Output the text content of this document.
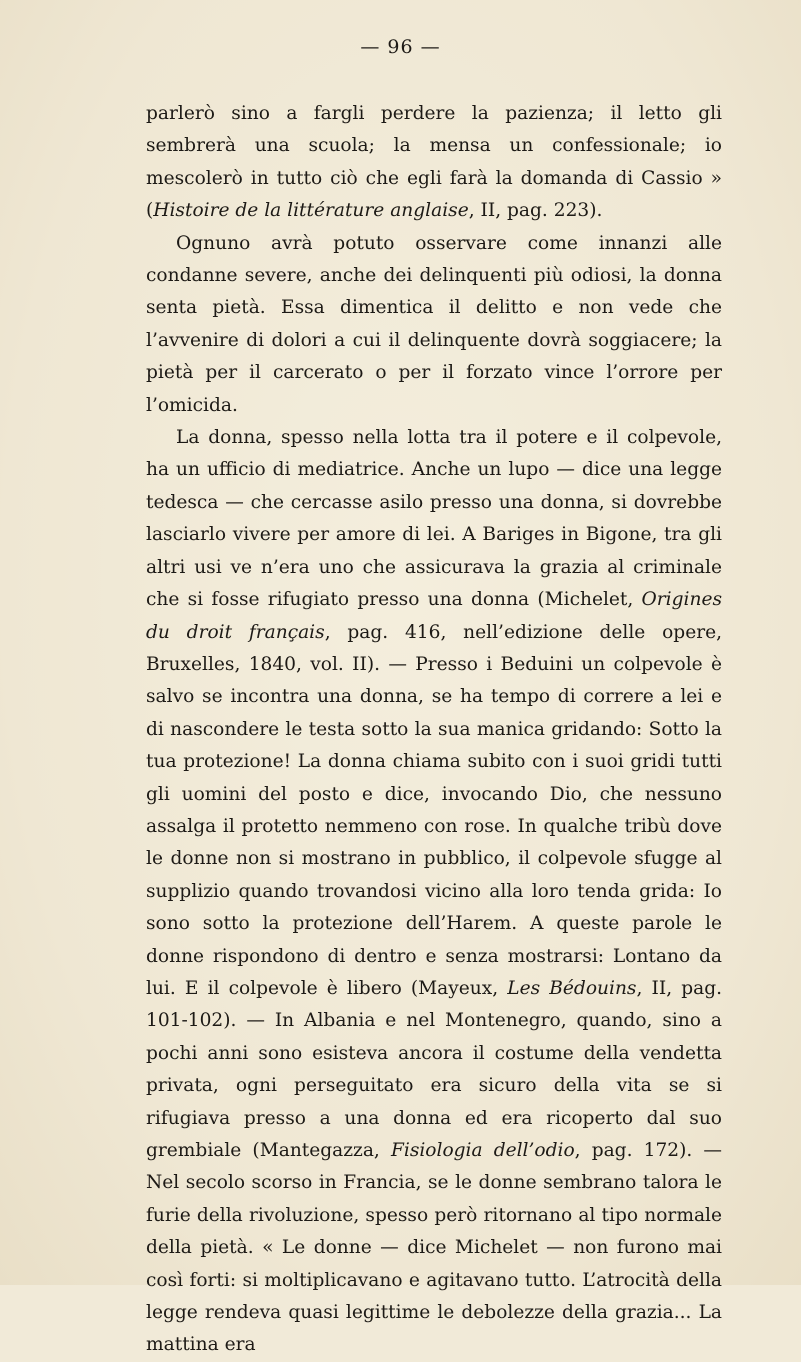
— 96 —

parlerò sino a fargli perdere la pazienza; il letto gli sembrerà una scuola; la mensa un confessionale; io mescolerò in tutto ciò che egli farà la domanda di Cassio » (Histoire de la littérature anglaise, II, pag. 223).

Ognuno avrà potuto osservare come innanzi alle condanne severe, anche dei delinquenti più odiosi, la donna senta pietà. Essa dimentica il delitto e non vede che l’avvenire di dolori a cui il delinquente dovrà soggiacere; la pietà per il carcerato o per il forzato vince l’orrore per l’omicida.

La donna, spesso nella lotta tra il potere e il colpevole, ha un ufficio di mediatrice. Anche un lupo — dice una legge tedesca — che cercasse asilo presso una donna, si dovrebbe lasciarlo vivere per amore di lei. A Bariges in Bigone, tra gli altri usi ve n’era uno che assicurava la grazia al criminale che si fosse rifugiato presso una donna (Michelet, Origines du droit français, pag. 416, nell’edizione delle opere, Bruxelles, 1840, vol. II). — Presso i Beduini un colpevole è salvo se incontra una donna, se ha tempo di correre a lei e di nascondere le testa sotto la sua manica gridando: Sotto la tua protezione! La donna chiama subito con i suoi gridi tutti gli uomini del posto e dice, invocando Dio, che nessuno assalga il protetto nemmeno con rose. In qualche tribù dove le donne non si mostrano in pubblico, il colpevole sfugge al supplizio quando trovandosi vicino alla loro tenda grida: Io sono sotto la protezione dell’Harem. A queste parole le donne rispondono di dentro e senza mostrarsi: Lontano da lui. E il colpevole è libero (Mayeux, Les Bédouins, II, pag. 101-102). — In Albania e nel Montenegro, quando, sino a pochi anni sono esisteva ancora il costume della vendetta privata, ogni perseguitato era sicuro della vita se si rifugiava presso a una donna ed era ricoperto dal suo grembiale (Mantegazza, Fisiologia dell’odio, pag. 172). — Nel secolo scorso in Francia, se le donne sembrano talora le furie della rivoluzione, spesso però ritornano al tipo normale della pietà. « Le donne — dice Michelet — non furono mai così forti: si moltiplicavano e agitavano tutto. L’atrocità della legge rendeva quasi legittime le debolezze della grazia... La mattina era
